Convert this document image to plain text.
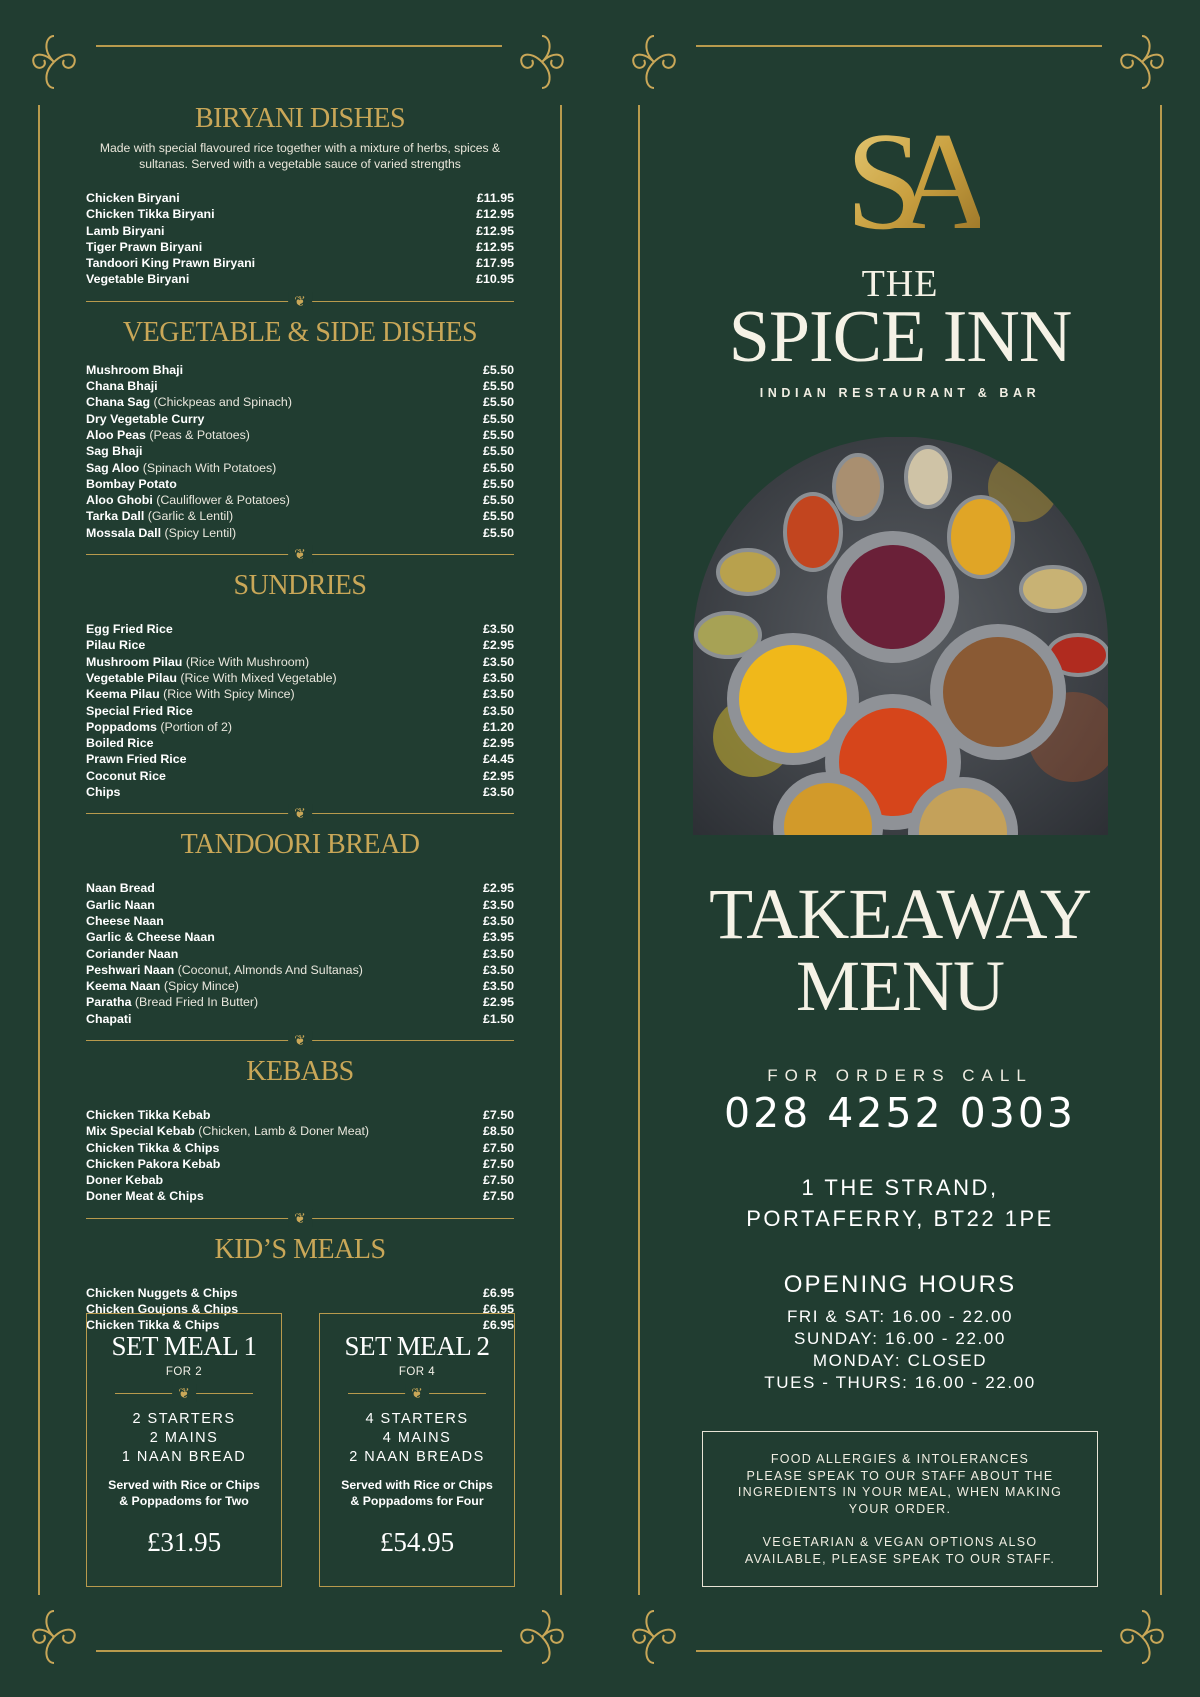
BIRYANI DISHES
Made with special flavoured rice together with a mixture of herbs, spices & sultanas. Served with a vegetable sauce of varied strengths
Chicken Biryani	£11.95
Chicken Tikka Biryani	£12.95
Lamb Biryani	£12.95
Tiger Prawn Biryani	£12.95
Tandoori King Prawn Biryani	£17.95
Vegetable Biryani	£10.95
❦
VEGETABLE & SIDE DISHES
Mushroom Bhaji	£5.50
Chana Bhaji	£5.50
Chana Sag (Chickpeas and Spinach)	£5.50
Dry Vegetable Curry	£5.50
Aloo Peas (Peas & Potatoes)	£5.50
Sag Bhaji	£5.50
Sag Aloo (Spinach With Potatoes)	£5.50
Bombay Potato	£5.50
Aloo Ghobi (Cauliflower & Potatoes)	£5.50
Tarka Dall (Garlic & Lentil)	£5.50
Mossala Dall (Spicy Lentil)	£5.50
❦
SUNDRIES
Egg Fried Rice	£3.50
Pilau Rice	£2.95
Mushroom Pilau (Rice With Mushroom)	£3.50
Vegetable Pilau (Rice With Mixed Vegetable)	£3.50
Keema Pilau (Rice With Spicy Mince)	£3.50
Special Fried Rice	£3.50
Poppadoms (Portion of 2)	£1.20
Boiled Rice	£2.95
Prawn Fried Rice	£4.45
Coconut Rice	£2.95
Chips	£3.50
❦
TANDOORI BREAD
Naan Bread	£2.95
Garlic Naan	£3.50
Cheese Naan	£3.50
Garlic & Cheese Naan	£3.95
Coriander Naan	£3.50
Peshwari Naan (Coconut, Almonds And Sultanas)	£3.50
Keema Naan (Spicy Mince)	£3.50
Paratha (Bread Fried In Butter)	£2.95
Chapati	£1.50
❦
KEBABS
Chicken Tikka Kebab	£7.50
Mix Special Kebab (Chicken, Lamb & Doner Meat)	£8.50
Chicken Tikka & Chips	£7.50
Chicken Pakora Kebab	£7.50
Doner Kebab	£7.50
Doner Meat & Chips	£7.50
❦
KID’S MEALS
Chicken Nuggets & Chips	£6.95
Chicken Goujons & Chips	£6.95
Chicken Tikka & Chips	£6.95
SET MEAL 1
FOR 2
❦
2 STARTERS
2 MAINS
1 NAAN BREAD
Served with Rice or Chips
& Poppadoms for Two
£31.95
SET MEAL 2
FOR 4
❦
4 STARTERS
4 MAINS
2 NAAN BREADS
Served with Rice or Chips
& Poppadoms for Four
£54.95
SA
THE
SPICE INN
INDIAN RESTAURANT & BAR
TAKEAWAY
MENU
FOR ORDERS CALL
028 4252 0303
1 THE STRAND,
PORTAFERRY, BT22 1PE
OPENING HOURS
FRI & SAT: 16.00 - 22.00
SUNDAY: 16.00 - 22.00
MONDAY: CLOSED
TUES - THURS: 16.00 - 22.00
FOOD ALLERGIES & INTOLERANCES
PLEASE SPEAK TO OUR STAFF ABOUT THE
INGREDIENTS IN YOUR MEAL, WHEN MAKING
YOUR ORDER.
VEGETARIAN & VEGAN OPTIONS ALSO
AVAILABLE, PLEASE SPEAK TO OUR STAFF.
